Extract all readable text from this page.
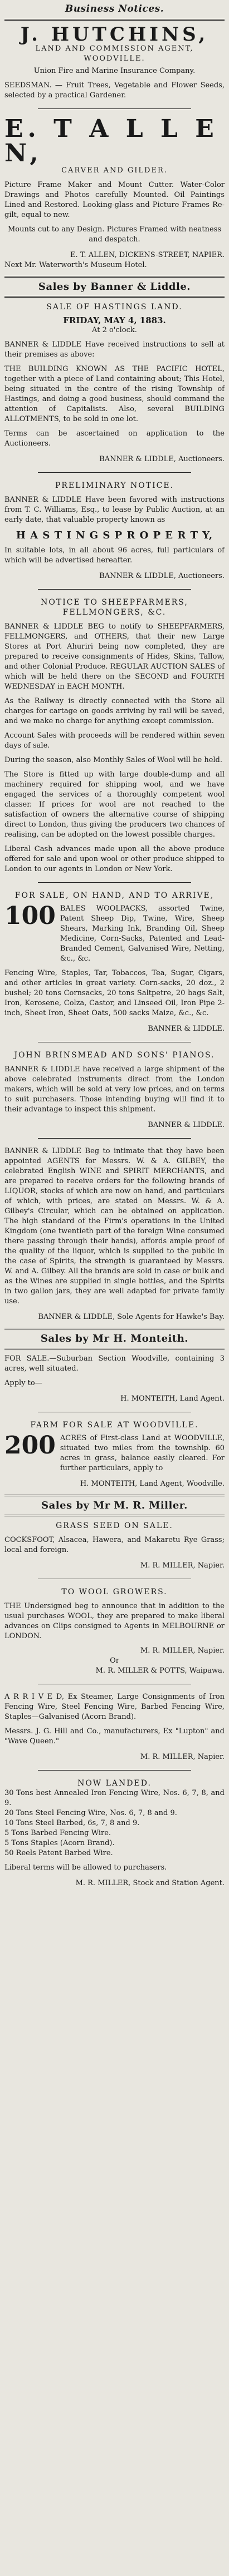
Business Notices.
J. HUTCHINS,
LAND AND COMMISSION AGENT, WOODVILLE.
Union Fire and Marine Insurance Company.
SEEDSMAN. — Fruit Trees, Vegetable and Flower Seeds, selected by a practical Gardener.
E. T A L L E N,
CARVER AND GILDER.
Picture Frame Maker and Mount Cutter. Water-Color Drawings and Photos carefully Mounted. Oil Paintings Lined and Restored. Looking-glass and Picture Frames Re-gilt, equal to new.
Mounts cut to any Design. Pictures Framed with neatness and despatch.
E. T. ALLEN, DICKENS-STREET, NAPIER.
Next Mr. Waterworth's Museum Hotel.
Sales by Banner & Liddle.
SALE OF HASTINGS LAND.
FRIDAY, MAY 4, 1883.
At 2 o'clock.
BANNER & LIDDLE Have received instructions to sell at their premises as above:
THE BUILDING KNOWN AS THE PACIFIC HOTEL, together with a piece of Land containing about; This Hotel, being situated in the centre of the rising Township of Hastings, and doing a good business, should command the attention of Capitalists. Also, several BUILDING ALLOTMENTS, to be sold in one lot.
Terms can be ascertained on application to the Auctioneers.
BANNER & LIDDLE, Auctioneers.
PRELIMINARY NOTICE.
BANNER & LIDDLE Have been favored with instructions from T. C. Williams, Esq., to lease by Public Auction, at an early date, that valuable property known as
H A S T I N G S P R O P E R T Y,
In suitable lots, in all about 96 acres, full particulars of which will be advertised hereafter.
BANNER & LIDDLE, Auctioneers.
NOTICE TO SHEEPFARMERS, FELLMONGERS, &C.
BANNER & LIDDLE BEG to notify to SHEEPFARMERS, FELLMONGERS, and OTHERS, that their new Large Stores at Port Ahuriri being now completed, they are prepared to receive consignments of Hides, Skins, Tallow, and other Colonial Produce. REGULAR AUCTION SALES of which will be held there on the SECOND and FOURTH WEDNESDAY in EACH MONTH.
As the Railway is directly connected with the Store all charges for cartage on goods arriving by rail will be saved, and we make no charge for anything except commission.
Account Sales with proceeds will be rendered within seven days of sale.
During the season, also Monthly Sales of Wool will be held.
The Store is fitted up with large double-dump and all machinery required for shipping wool, and we have engaged the services of a thoroughly competent wool classer. If prices for wool are not reached to the satisfaction of owners the alternative course of shipping direct to London, thus giving the producers two chances of realising, can be adopted on the lowest possible charges.
Liberal Cash advances made upon all the above produce offered for sale and upon wool or other produce shipped to London to our agents in London or New York.
FOR SALE, ON HAND, AND TO ARRIVE,
100 BALES WOOLPACKS, assorted Twine, Patent Sheep Dip, Twine, Wire, Sheep Shears, Marking Ink, Branding Oil, Sheep Medicine, Corn-Sacks, Patented and Lead-Branded Cement, Galvanised Wire, Netting, &c., &c.
Fencing Wire, Staples, Tar, Tobaccos, Tea, Sugar, Cigars, and other articles in great variety. Corn-sacks, 20 doz., 2 bushel; 20 tons Cornsacks, 20 tons Saltpetre, 20 bags Salt, Iron, Kerosene, Colza, Castor, and Linseed Oil, Iron Pipe 2-inch, Sheet Iron, Sheet Oats, 500 sacks Maize, &c., &c.
BANNER & LIDDLE.
JOHN BRINSMEAD AND SONS' PIANOS.
BANNER & LIDDLE have received a large shipment of the above celebrated instruments direct from the London makers, which will be sold at very low prices, and on terms to suit purchasers. Those intending buying will find it to their advantage to inspect this shipment.
BANNER & LIDDLE.
BANNER & LIDDLE Beg to intimate that they have been appointed AGENTS for Messrs. W. & A. GILBEY, the celebrated English WINE and SPIRIT MERCHANTS, and are prepared to receive orders for the following brands of LIQUOR, stocks of which are now on hand, and particulars of which, with prices, are stated on Messrs. W. & A. Gilbey's Circular, which can be obtained on application. The high standard of the Firm's operations in the United Kingdom (one twentieth part of the foreign Wine consumed there passing through their hands), affords ample proof of the quality of the liquor, which is supplied to the public in the case of Spirits, the strength is guaranteed by Messrs. W. and A. Gilbey. All the brands are sold in case or bulk and as the Wines are supplied in single bottles, and the Spirits in two gallon jars, they are well adapted for private family use.
BANNER & LIDDLE, Sole Agents for Hawke's Bay.
Sales by Mr H. Monteith.
FOR SALE.—Suburban Section Woodville, containing 3 acres, well situated.
Apply to—
H. MONTEITH, Land Agent.
FARM FOR SALE AT WOODVILLE.
200 ACRES of First-class Land at WOODVILLE, situated two miles from the township. 60 acres in grass, balance easily cleared. For further particulars, apply to
H. MONTEITH, Land Agent, Woodville.
Sales by Mr M. R. Miller.
GRASS SEED ON SALE.
COCKSFOOT, Alsacea, Hawera, and Makaretu Rye Grass; local and foreign.
M. R. MILLER, Napier.
TO WOOL GROWERS.
THE Undersigned beg to announce that in addition to the usual purchases WOOL, they are prepared to make liberal advances on Clips consigned to Agents in MELBOURNE or LONDON.
M. R. MILLER, Napier.
Or
M. R. MILLER & POTTS, Waipawa.
A R R I V E D, Ex Steamer, Large Consignments of Iron Fencing Wire, Steel Fencing Wire, Barbed Fencing Wire, Staples—Galvanised (Acorn Brand).
Messrs. J. G. Hill and Co., manufacturers, Ex "Lupton" and "Wave Queen."
M. R. MILLER, Napier.
NOW LANDED.
30 Tons best Annealed Iron Fencing Wire, Nos. 6, 7, 8, and 9.
20 Tons Steel Fencing Wire, Nos. 6, 7, 8 and 9.
10 Tons Steel Barbed, 6s, 7, 8 and 9.
5 Tons Barbed Fencing Wire.
5 Tons Staples (Acorn Brand).
50 Reels Patent Barbed Wire.
Liberal terms will be allowed to purchasers.
M. R. MILLER, Stock and Station Agent.
